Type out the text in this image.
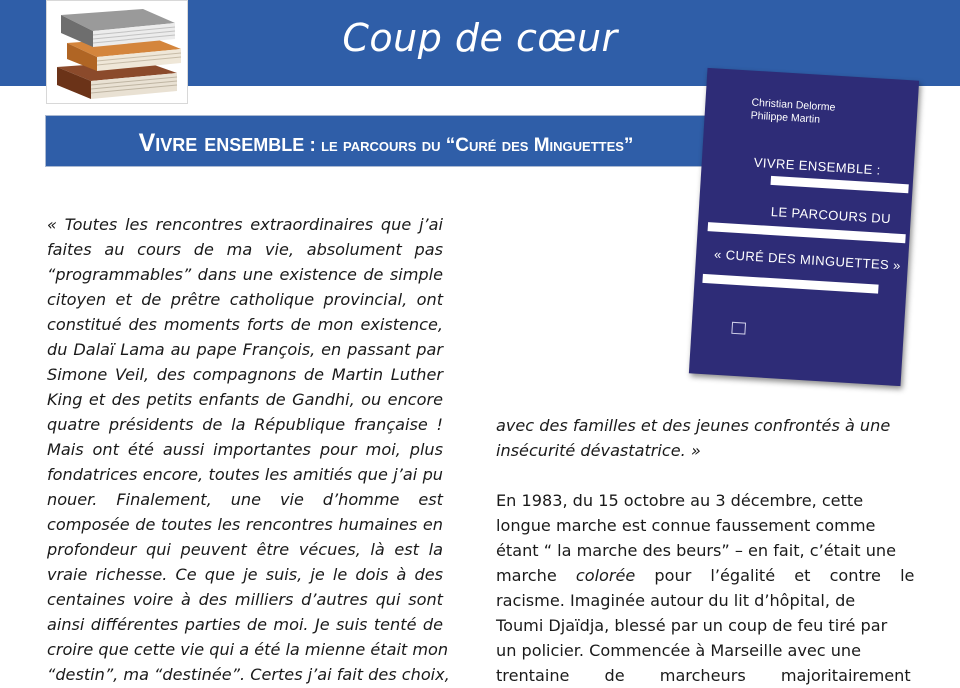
Coup de cœur
Vivre ensemble : le parcours du “Curé des Minguettes”
Christian Delorme
Philippe Martin
VIVRE ENSEMBLE :
LE PARCOURS DU
« CURÉ DES MINGUETTES »
« Toutes les rencontres extraordinaires que j’ai
faites au cours de ma vie, absolument pas
“programmables” dans une existence de simple
citoyen et de prêtre catholique provincial, ont
constitué des moments forts de mon existence,
du Dalaï Lama au pape François, en passant par
Simone Veil, des compagnons de Martin Luther
King et des petits enfants de Gandhi, ou encore
quatre présidents de la République française !
Mais ont été aussi importantes pour moi, plus
fondatrices encore, toutes les amitiés que j’ai pu
nouer. Finalement, une vie d’homme est
composée de toutes les rencontres humaines en
profondeur qui peuvent être vécues, là est la
vraie richesse. Ce que je suis, je le dois à des
centaines voire à des milliers d’autres qui sont
ainsi différentes parties de moi. Je suis tenté de
croire que cette vie qui a été la mienne était mon
“destin”, ma “destinée”. Certes j’ai fait des choix,
avec des familles et des jeunes confrontés à une
insécurité dévastatrice. »
En 1983, du 15 octobre au 3 décembre, cette
longue marche est connue faussement comme
étant “ la marche des beurs” – en fait, c’était une
marche colorée pour l’égalité et contre le
racisme. Imaginée autour du lit d’hôpital, de
Toumi Djaïdja, blessé par un coup de feu tiré par
un policier. Commencée à Marseille avec une
trentaine de marcheurs majoritairement
